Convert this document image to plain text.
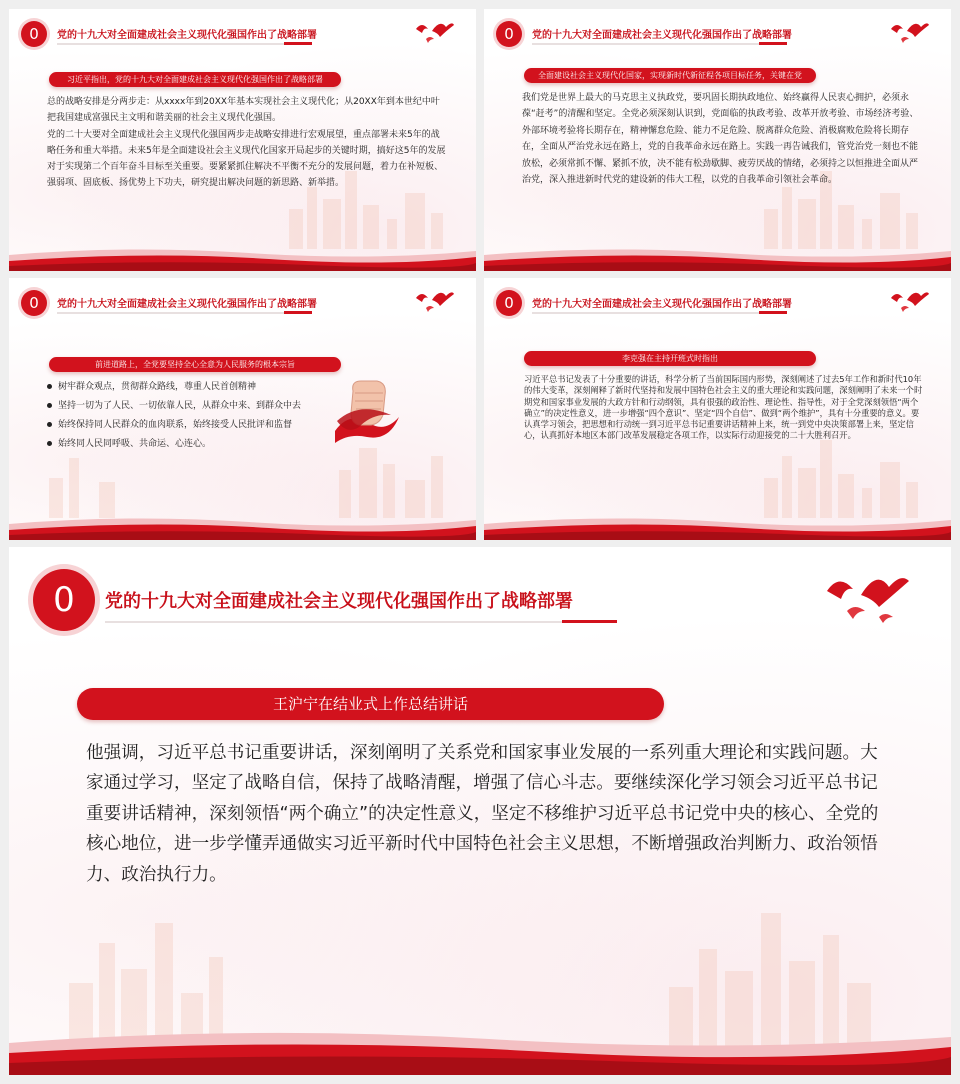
0	党的十九大对全面建成社会主义现代化强国作出了战略部署
习近平指出，党的十九大对全面建成社会主义现代化强国作出了战略部署

总的战略安排是分两步走：从xxxx年到20XX年基本实现社会主义现代化；从20XX年到本世纪中叶把我国建成富强民主文明和谐美丽的社会主义现代化强国。

党的二十大要对全面建成社会主义现代化强国两步走战略安排进行宏观展望，重点部署未来5年的战略任务和重大举措。未来5年是全面建设社会主义现代化国家开局起步的关键时期，搞好这5年的发展对于实现第二个百年奋斗目标至关重要。要紧紧抓住解决不平衡不充分的发展问题，着力在补短板、强弱项、固底板、扬优势上下功夫，研究提出解决问题的新思路、新举措。

0	党的十九大对全面建成社会主义现代化强国作出了战略部署
全面建设社会主义现代化国家，实现新时代新征程各项目标任务，关键在党

我们党是世界上最大的马克思主义执政党，要巩固长期执政地位、始终赢得人民衷心拥护，必须永葆“赶考”的清醒和坚定。全党必须深刻认识到，党面临的执政考验、改革开放考验、市场经济考验、外部环境考验将长期存在，精神懈怠危险、能力不足危险、脱离群众危险、消极腐败危险将长期存在，全面从严治党永远在路上，党的自我革命永远在路上。实践一再告诫我们，管党治党一刻也不能放松，必须常抓不懈、紧抓不放，决不能有松劲歇脚、疲劳厌战的情绪，必须持之以恒推进全面从严治党，深入推进新时代党的建设新的伟大工程，以党的自我革命引领社会革命。

0	党的十九大对全面建成社会主义现代化强国作出了战略部署
前进道路上，全党要坚持全心全意为人民服务的根本宗旨
树牢群众观点，贯彻群众路线，尊重人民首创精神
坚持一切为了人民、一切依靠人民，从群众中来、到群众中去
始终保持同人民群众的血肉联系，始终接受人民批评和监督
始终同人民同呼吸、共命运、心连心。
0	党的十九大对全面建成社会主义现代化强国作出了战略部署
李克强在主持开班式时指出

习近平总书记发表了十分重要的讲话，科学分析了当前国际国内形势，深刻阐述了过去5年工作和新时代10年的伟大变革，深刻阐释了新时代坚持和发展中国特色社会主义的重大理论和实践问题，深刻阐明了未来一个时期党和国家事业发展的大政方针和行动纲领，具有很强的政治性、理论性、指导性，对于全党深刻领悟“两个确立”的决定性意义，进一步增强“四个意识”、坚定“四个自信”、做到“两个维护”，具有十分重要的意义。要认真学习领会，把思想和行动统一到习近平总书记重要讲话精神上来，统一到党中央决策部署上来，坚定信心，认真抓好本地区本部门改革发展稳定各项工作，以实际行动迎接党的二十大胜利召开。

0	党的十九大对全面建成社会主义现代化强国作出了战略部署
王沪宁在结业式上作总结讲话

他强调，习近平总书记重要讲话，深刻阐明了关系党和国家事业发展的一系列重大理论和实践问题。大家通过学习，坚定了战略自信，保持了战略清醒，增强了信心斗志。要继续深化学习领会习近平总书记重要讲话精神，深刻领悟“两个确立”的决定性意义，坚定不移维护习近平总书记党中央的核心、全党的核心地位，进一步学懂弄通做实习近平新时代中国特色社会主义思想，不断增强政治判断力、政治领悟力、政治执行力。
